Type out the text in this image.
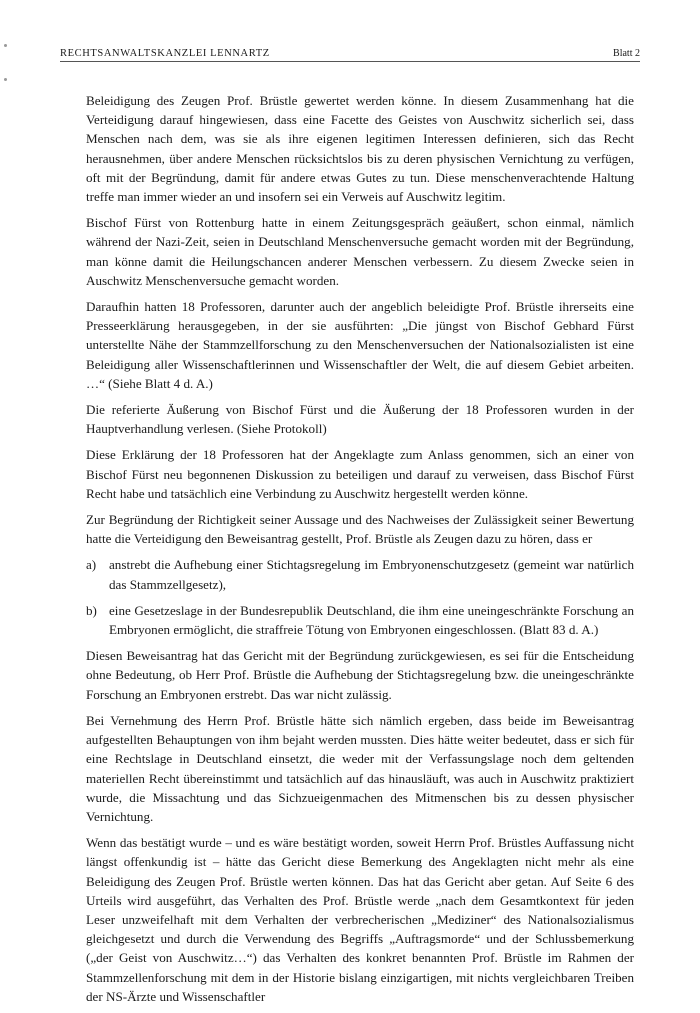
RECHTSANWALTSKANZLEI LENNARTZ	Blatt 2

Beleidigung des Zeugen Prof. Brüstle gewertet werden könne. In diesem Zusammenhang hat die Verteidigung darauf hingewiesen, dass eine Facette des Geistes von Auschwitz sicherlich sei, dass Menschen nach dem, was sie als ihre eigenen legitimen Interessen definieren, sich das Recht herausnehmen, über andere Menschen rücksichtslos bis zu deren physischen Vernichtung zu verfügen, oft mit der Begründung, damit für andere etwas Gutes zu tun. Diese menschenverachtende Haltung treffe man immer wieder an und insofern sei ein Verweis auf Auschwitz legitim.

Bischof Fürst von Rottenburg hatte in einem Zeitungsgespräch geäußert, schon einmal, nämlich während der Nazi-Zeit, seien in Deutschland Menschenversuche gemacht worden mit der Begründung, man könne damit die Heilungschancen anderer Menschen verbessern. Zu diesem Zwecke seien in Auschwitz Menschenversuche gemacht worden.

Daraufhin hatten 18 Professoren, darunter auch der angeblich beleidigte Prof. Brüstle ihrerseits eine Presseerklärung herausgegeben, in der sie ausführten: „Die jüngst von Bischof Gebhard Fürst unterstellte Nähe der Stammzellforschung zu den Menschenversuchen der Nationalsozialisten ist eine Beleidigung aller Wissenschaftlerinnen und Wissenschaftler der Welt, die auf diesem Gebiet arbeiten. …“ (Siehe Blatt 4 d. A.)

Die referierte Äußerung von Bischof Fürst und die Äußerung der 18 Professoren wurden in der Hauptverhandlung verlesen. (Siehe Protokoll)

Diese Erklärung der 18 Professoren hat der Angeklagte zum Anlass genommen, sich an einer von Bischof Fürst neu begonnenen Diskussion zu beteiligen und darauf zu verweisen, dass Bischof Fürst Recht habe und tatsächlich eine Verbindung zu Auschwitz hergestellt werden könne.

Zur Begründung der Richtigkeit seiner Aussage und des Nachweises der Zulässigkeit seiner Bewertung hatte die Verteidigung den Beweisantrag gestellt, Prof. Brüstle als Zeugen dazu zu hören, dass er

a) anstrebt die Aufhebung einer Stichtagsregelung im Embryonenschutzgesetz (gemeint war natürlich das Stammzellgesetz),
b) eine Gesetzeslage in der Bundesrepublik Deutschland, die ihm eine uneingeschränkte Forschung an Embryonen ermöglicht, die straffreie Tötung von Embryonen eingeschlossen. (Blatt 83 d. A.)

Diesen Beweisantrag hat das Gericht mit der Begründung zurückgewiesen, es sei für die Entscheidung ohne Bedeutung, ob Herr Prof. Brüstle die Aufhebung der Stichtagsregelung bzw. die uneingeschränkte Forschung an Embryonen erstrebt. Das war nicht zulässig.

Bei Vernehmung des Herrn Prof. Brüstle hätte sich nämlich ergeben, dass beide im Beweisantrag aufgestellten Behauptungen von ihm bejaht werden mussten. Dies hätte weiter bedeutet, dass er sich für eine Rechtslage in Deutschland einsetzt, die weder mit der Verfassungslage noch dem geltenden materiellen Recht übereinstimmt und tatsächlich auf das hinausläuft, was auch in Auschwitz praktiziert wurde, die Missachtung und das Sichzueigenmachen des Mitmenschen bis zu dessen physischer Vernichtung.

Wenn das bestätigt wurde – und es wäre bestätigt worden, soweit Herrn Prof. Brüstles Auffassung nicht längst offenkundig ist – hätte das Gericht diese Bemerkung des Angeklagten nicht mehr als eine Beleidigung des Zeugen Prof. Brüstle werten können. Das hat das Gericht aber getan. Auf Seite 6 des Urteils wird ausgeführt, das Verhalten des Prof. Brüstle werde „nach dem Gesamtkontext für jeden Leser unzweifelhaft mit dem Verhalten der verbrecherischen „Mediziner“ des Nationalsozialismus gleichgesetzt und durch die Verwendung des Begriffs „Auftragsmorde“ und der Schlussbemerkung („der Geist von Auschwitz…“) das Verhalten des konkret benannten Prof. Brüstle im Rahmen der Stammzellenforschung mit dem in der Historie bislang einzigartigen, mit nichts vergleichbaren Treiben der NS-Ärzte und Wissenschaftler
